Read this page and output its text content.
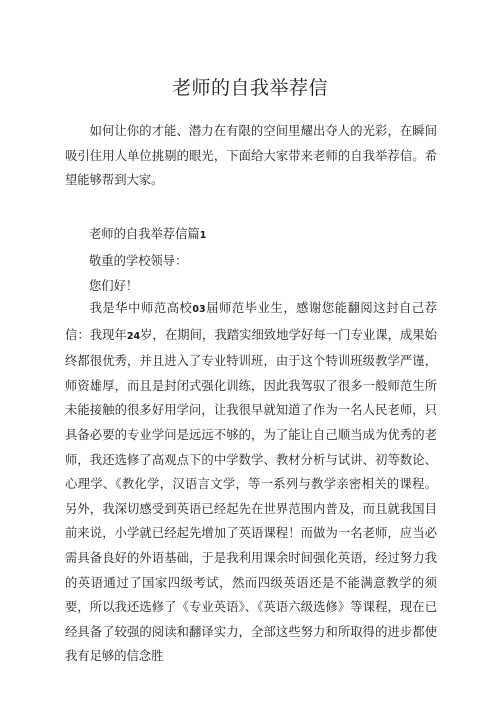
老师的自我举荐信
如何让你的才能、潜力在有限的空间里耀出夺人的光彩，在瞬间吸引住用人单位挑剔的眼光，下面给大家带来老师的自我举荐信。希望能够帮到大家。
老师的自我举荐信篇1
敬重的学校领导：
您们好！
我是华中师范高校03届师范毕业生，感谢您能翻阅这封自己荐信：我现年24岁，在期间，我踏实细致地学好每一门专业课，成果始终都很优秀，并且进入了专业特训班，由于这个特训班级教学严谨，师资雄厚，而且是封闭式强化训练，因此我驾驭了很多一般师范生所未能接触的很多好用学问，让我很早就知道了作为一名人民老师，只具备必要的专业学问是远远不够的，为了能让自己顺当成为优秀的老师，我还选修了高观点下的中学数学、教材分析与试讲、初等数论、心理学、《教化学，汉语言文学，等一系列与教学亲密相关的课程。另外，我深切感受到英语已经起先在世界范围内普及，而且就我国目前来说，小学就已经起先增加了英语课程！而做为一名老师，应当必需具备良好的外语基础，于是我利用课余时间强化英语，经过努力我的英语通过了国家四级考试，然而四级英语还是不能满意教学的须要，所以我还选修了《专业英语》、《英语六级选修》等课程，现在已经具备了较强的阅读和翻译实力，全部这些努力和所取得的进步都使我有足够的信念胜
